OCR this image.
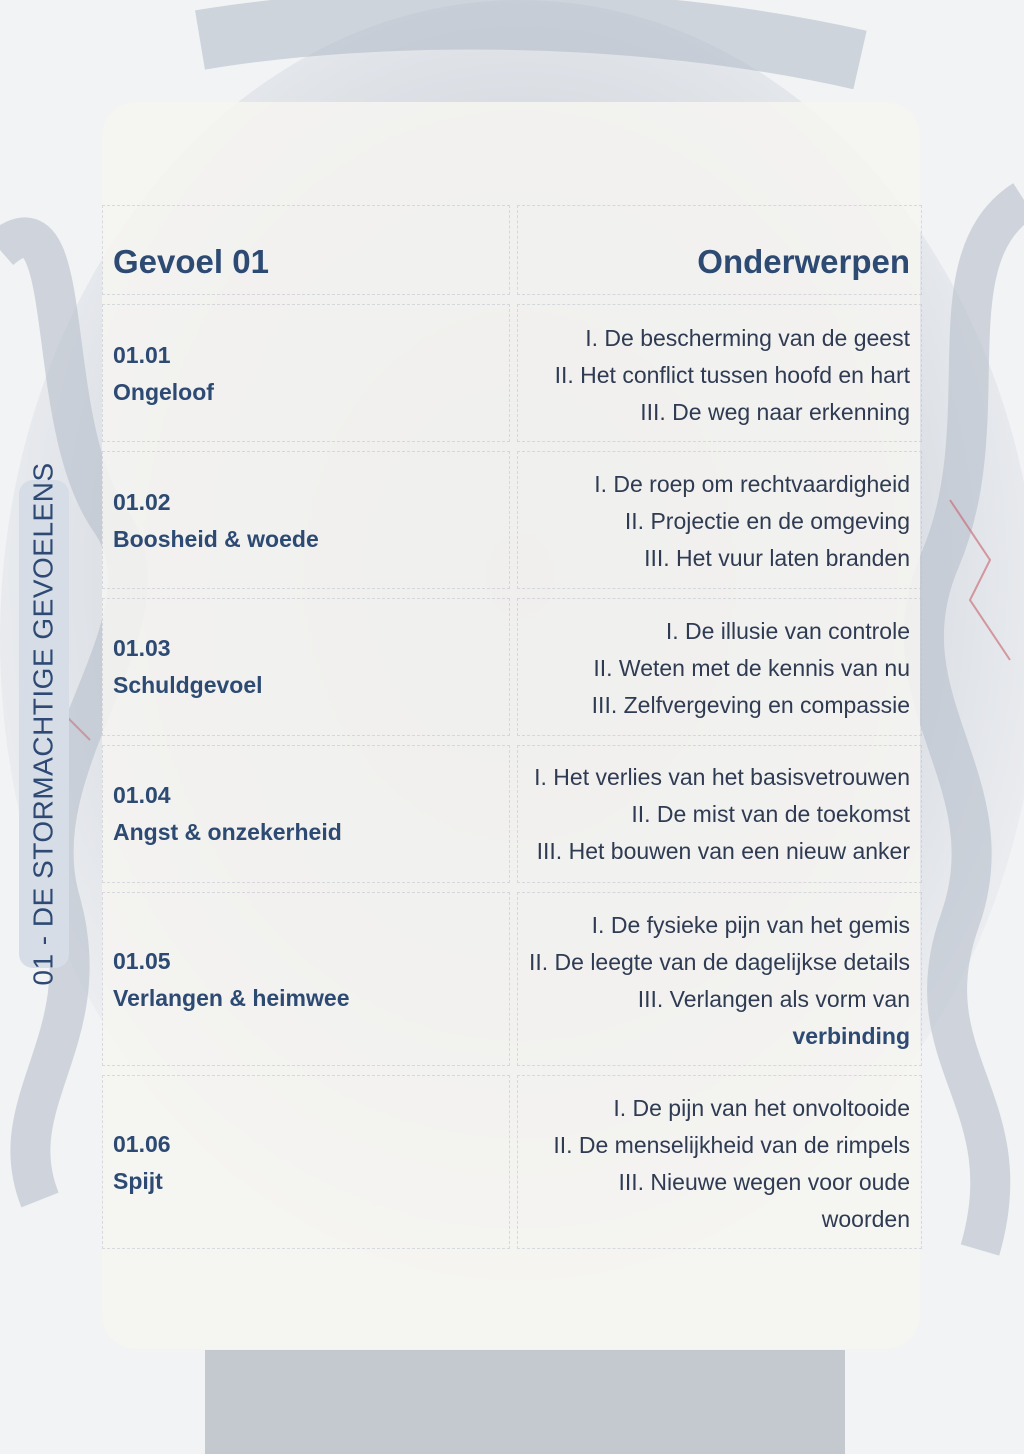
01 - DE STORMACHTIGE GEVOELENS
Gevoel 01	Onderwerpen
01.01
Ongeloof
I. De bescherming van de geest
II. Het conflict tussen hoofd en hart
III. De weg naar erkenning
01.02
Boosheid & woede
I. De roep om rechtvaardigheid
II. Projectie en de omgeving
III. Het vuur laten branden
01.03
Schuldgevoel
I. De illusie van controle
II. Weten met de kennis van nu
III. Zelfvergeving en compassie
01.04
Angst & onzekerheid
I. Het verlies van het basisvetrouwen
II. De mist van de toekomst
III. Het bouwen van een nieuw anker
01.05
Verlangen & heimwee
I. De fysieke pijn van het gemis
II. De leegte van de dagelijkse details
III. Verlangen als vorm van
verbinding
01.06
Spijt
I. De pijn van het onvoltooide
II. De menselijkheid van de rimpels
III. Nieuwe wegen voor oude
woorden
